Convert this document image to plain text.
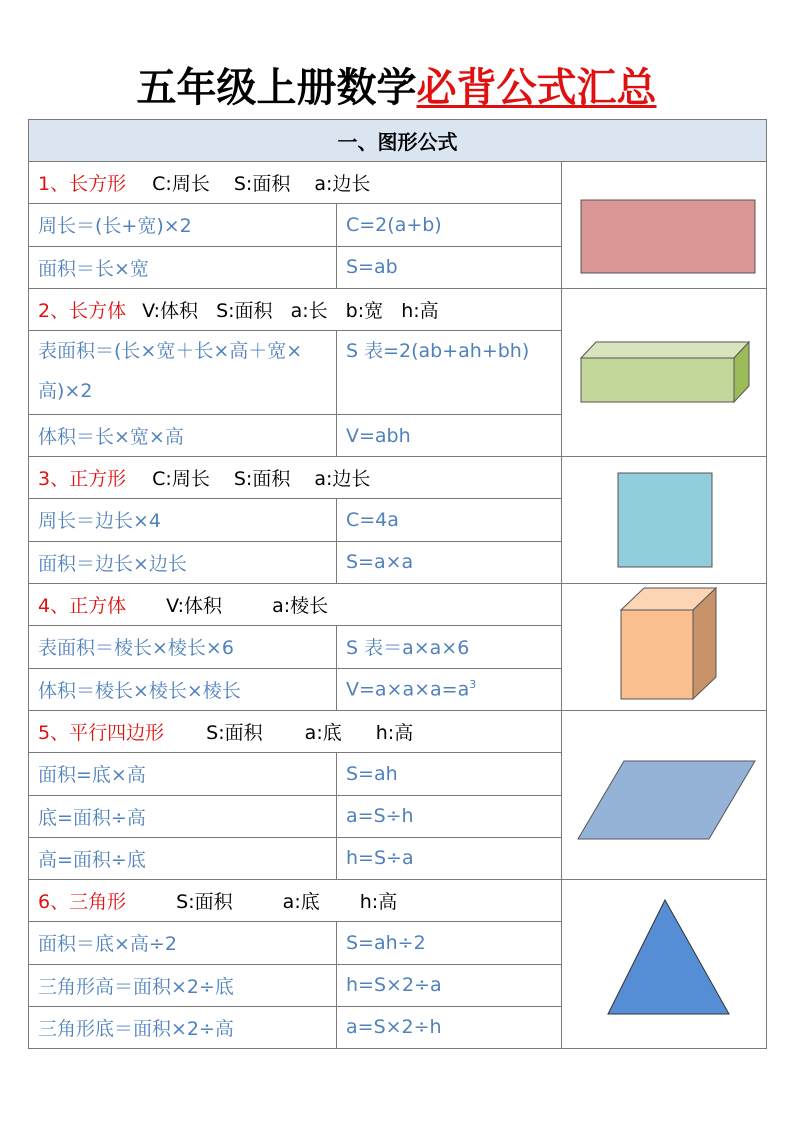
五年级上册数学必背公式汇总
一、图形公式		
1、长方形 C:周长 S:面积 a:边长	

周长＝(长+宽)×2	C=2(a+b)	
面积＝长×宽	S=ab	
2、长方体 V:体积 S:面积 a:长 b:宽 h:高	

表面积＝(长×宽＋长×高＋宽×高)×2	S 表=2(ab+ah+bh)	
体积＝长×宽×高	V=abh	
3、正方形 C:周长 S:面积 a:边长	

周长＝边长×4	C=4a	
面积＝边长×边长	S=a×a	
4、正方体 V:体积 a:棱长	

表面积＝棱长×棱长×6	S 表＝a×a×6	
体积＝棱长×棱长×棱长	$V=a\times a\times a=a^3$
5、平行四边形 S:面积 a:底 h:高	

面积=底×高	S=ah	
底=面积÷高	a=S÷h	
高=面积÷底	h=S÷a	
6、三角形 S:面积 a:底 h:高	

面积＝底×高÷2	S=ah÷2	
三角形高＝面积×2÷底	h=S×2÷a	
三角形底＝面积×2÷高	a=S×2÷h	
